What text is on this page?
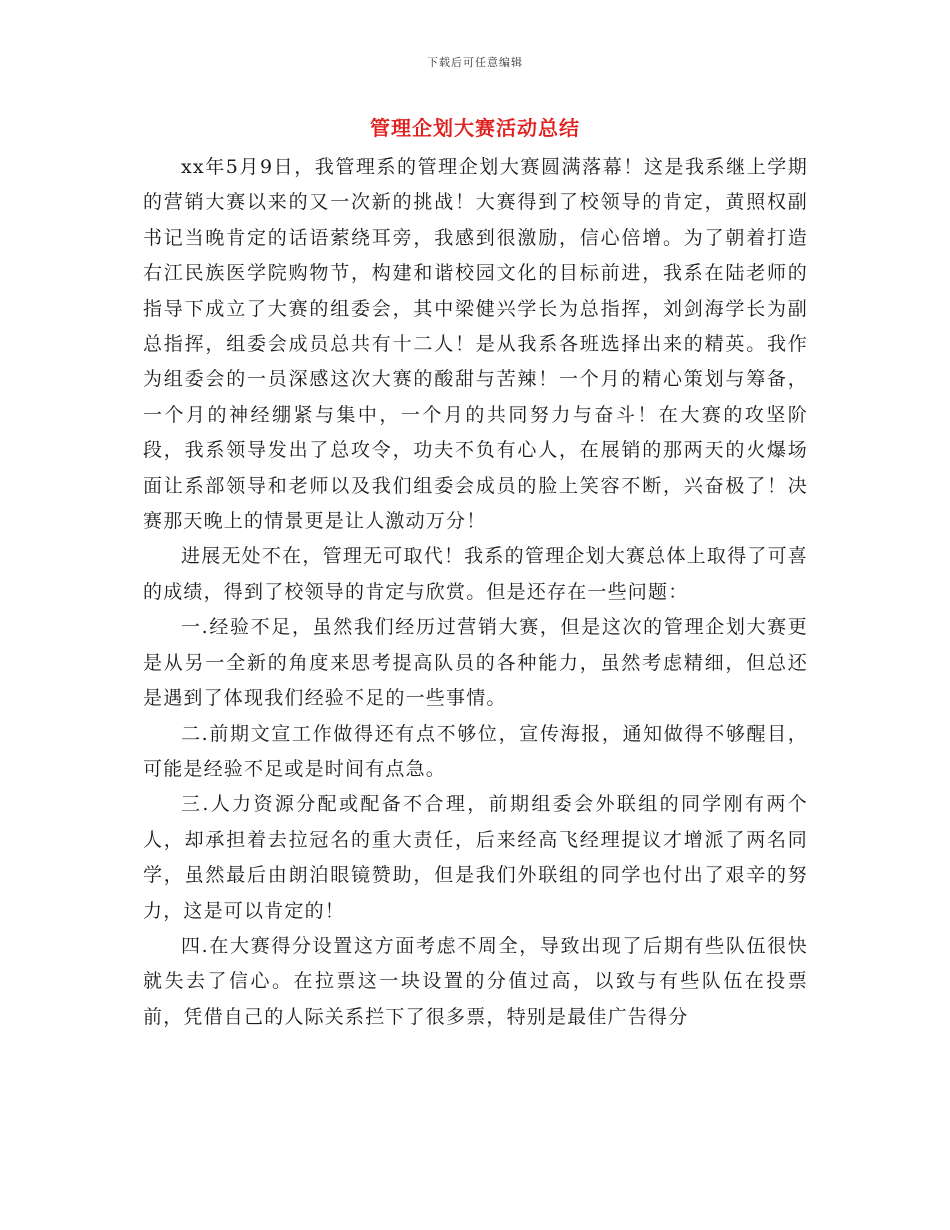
下载后可任意编辑
管理企划大赛活动总结

xx年5月9日，我管理系的管理企划大赛圆满落幕！这是我系继上学期的营销大赛以来的又一次新的挑战！大赛得到了校领导的肯定，黄照权副书记当晚肯定的话语萦绕耳旁，我感到很激励，信心倍增。为了朝着打造右江民族医学院购物节，构建和谐校园文化的目标前进，我系在陆老师的指导下成立了大赛的组委会，其中梁健兴学长为总指挥，刘剑海学长为副总指挥，组委会成员总共有十二人！是从我系各班选择出来的精英。我作为组委会的一员深感这次大赛的酸甜与苦辣！一个月的精心策划与筹备，一个月的神经绷紧与集中，一个月的共同努力与奋斗！在大赛的攻坚阶段，我系领导发出了总攻令，功夫不负有心人，在展销的那两天的火爆场面让系部领导和老师以及我们组委会成员的脸上笑容不断，兴奋极了！决赛那天晚上的情景更是让人激动万分！

进展无处不在，管理无可取代！我系的管理企划大赛总体上取得了可喜的成绩，得到了校领导的肯定与欣赏。但是还存在一些问题：

一.经验不足，虽然我们经历过营销大赛，但是这次的管理企划大赛更是从另一全新的角度来思考提高队员的各种能力，虽然考虑精细，但总还是遇到了体现我们经验不足的一些事情。

二.前期文宣工作做得还有点不够位，宣传海报，通知做得不够醒目，可能是经验不足或是时间有点急。

三.人力资源分配或配备不合理，前期组委会外联组的同学刚有两个人，却承担着去拉冠名的重大责任，后来经高飞经理提议才增派了两名同学，虽然最后由朗泊眼镜赞助，但是我们外联组的同学也付出了艰辛的努力，这是可以肯定的！

四.在大赛得分设置这方面考虑不周全，导致出现了后期有些队伍很快就失去了信心。在拉票这一块设置的分值过高，以致与有些队伍在投票前，凭借自己的人际关系拦下了很多票，特别是最佳广告得分
